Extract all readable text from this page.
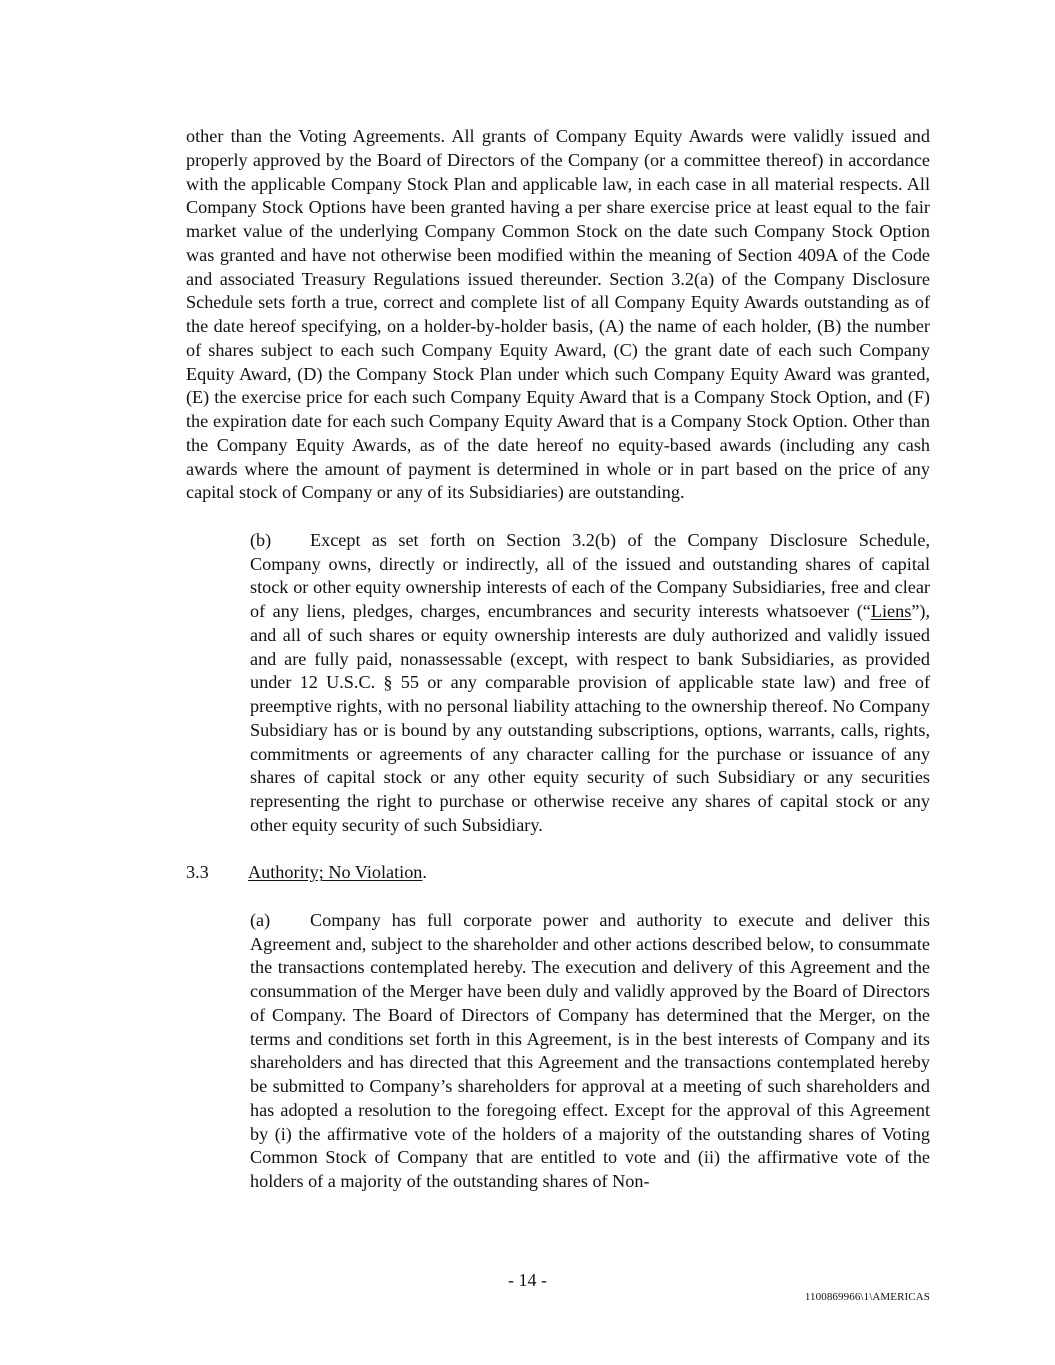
other than the Voting Agreements. All grants of Company Equity Awards were validly issued and properly approved by the Board of Directors of the Company (or a committee thereof) in accordance with the applicable Company Stock Plan and applicable law, in each case in all material respects. All Company Stock Options have been granted having a per share exercise price at least equal to the fair market value of the underlying Company Common Stock on the date such Company Stock Option was granted and have not otherwise been modified within the meaning of Section 409A of the Code and associated Treasury Regulations issued thereunder. Section 3.2(a) of the Company Disclosure Schedule sets forth a true, correct and complete list of all Company Equity Awards outstanding as of the date hereof specifying, on a holder-by-holder basis, (A) the name of each holder, (B) the number of shares subject to each such Company Equity Award, (C) the grant date of each such Company Equity Award, (D) the Company Stock Plan under which such Company Equity Award was granted, (E) the exercise price for each such Company Equity Award that is a Company Stock Option, and (F) the expiration date for each such Company Equity Award that is a Company Stock Option. Other than the Company Equity Awards, as of the date hereof no equity-based awards (including any cash awards where the amount of payment is determined in whole or in part based on the price of any capital stock of Company or any of its Subsidiaries) are outstanding.

(b) Except as set forth on Section 3.2(b) of the Company Disclosure Schedule, Company owns, directly or indirectly, all of the issued and outstanding shares of capital stock or other equity ownership interests of each of the Company Subsidiaries, free and clear of any liens, pledges, charges, encumbrances and security interests whatsoever (“Liens”), and all of such shares or equity ownership interests are duly authorized and validly issued and are fully paid, nonassessable (except, with respect to bank Subsidiaries, as provided under 12 U.S.C. § 55 or any comparable provision of applicable state law) and free of preemptive rights, with no personal liability attaching to the ownership thereof. No Company Subsidiary has or is bound by any outstanding subscriptions, options, warrants, calls, rights, commitments or agreements of any character calling for the purchase or issuance of any shares of capital stock or any other equity security of such Subsidiary or any securities representing the right to purchase or otherwise receive any shares of capital stock or any other equity security of such Subsidiary.

3.3 Authority; No Violation.

(a) Company has full corporate power and authority to execute and deliver this Agreement and, subject to the shareholder and other actions described below, to consummate the transactions contemplated hereby. The execution and delivery of this Agreement and the consummation of the Merger have been duly and validly approved by the Board of Directors of Company. The Board of Directors of Company has determined that the Merger, on the terms and conditions set forth in this Agreement, is in the best interests of Company and its shareholders and has directed that this Agreement and the transactions contemplated hereby be submitted to Company’s shareholders for approval at a meeting of such shareholders and has adopted a resolution to the foregoing effect. Except for the approval of this Agreement by (i) the affirmative vote of the holders of a majority of the outstanding shares of Voting Common Stock of Company that are entitled to vote and (ii) the affirmative vote of the holders of a majority of the outstanding shares of Non-

- 14 -
1100869966\1\AMERICAS
